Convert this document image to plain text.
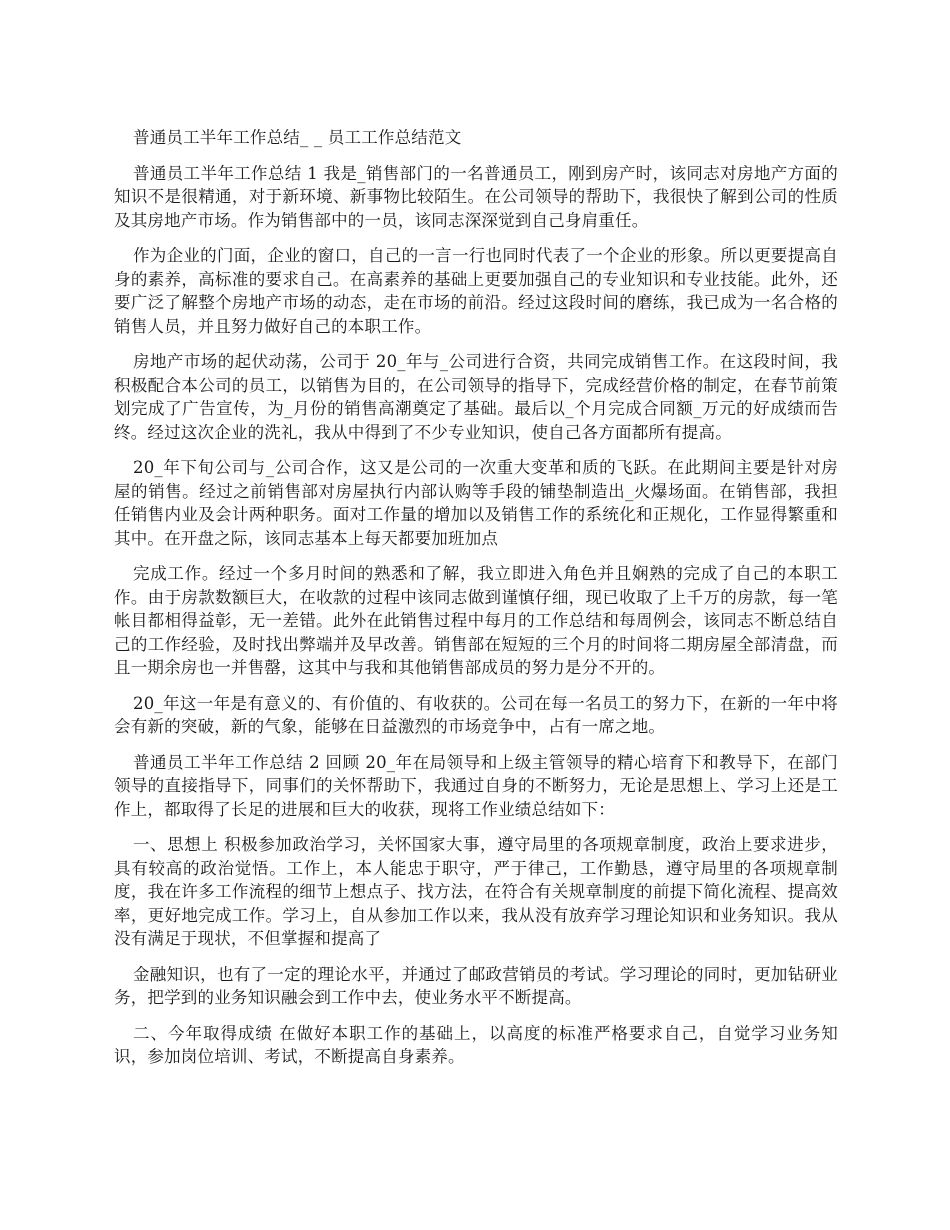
普通员工半年工作总结_ _ 员工工作总结范文

普通员工半年工作总结 1 我是_销售部门的一名普通员工，刚到房产时，该同志对房地产方面的知识不是很精通，对于新环境、新事物比较陌生。在公司领导的帮助下，我很快了解到公司的性质及其房地产市场。作为销售部中的一员，该同志深深觉到自己身肩重任。

作为企业的门面，企业的窗口，自己的一言一行也同时代表了一个企业的形象。所以更要提高自身的素养，高标准的要求自己。在高素养的基础上更要加强自己的专业知识和专业技能。此外，还要广泛了解整个房地产市场的动态，走在市场的前沿。经过这段时间的磨练，我已成为一名合格的销售人员，并且努力做好自己的本职工作。

房地产市场的起伏动荡，公司于 20_年与_公司进行合资，共同完成销售工作。在这段时间，我积极配合本公司的员工，以销售为目的，在公司领导的指导下，完成经营价格的制定，在春节前策划完成了广告宣传，为_月份的销售高潮奠定了基础。最后以_个月完成合同额_万元的好成绩而告终。经过这次企业的洗礼，我从中得到了不少专业知识，使自己各方面都所有提高。

20_年下旬公司与_公司合作，这又是公司的一次重大变革和质的飞跃。在此期间主要是针对房屋的销售。经过之前销售部对房屋执行内部认购等手段的铺垫制造出_火爆场面。在销售部，我担任销售内业及会计两种职务。面对工作量的增加以及销售工作的系统化和正规化，工作显得繁重和其中。在开盘之际，该同志基本上每天都要加班加点

完成工作。经过一个多月时间的熟悉和了解，我立即进入角色并且娴熟的完成了自己的本职工作。由于房款数额巨大，在收款的过程中该同志做到谨慎仔细，现已收取了上千万的房款，每一笔帐目都相得益彰，无一差错。此外在此销售过程中每月的工作总结和每周例会，该同志不断总结自己的工作经验，及时找出弊端并及早改善。销售部在短短的三个月的时间将二期房屋全部清盘，而且一期余房也一并售罄，这其中与我和其他销售部成员的努力是分不开的。

20_年这一年是有意义的、有价值的、有收获的。公司在每一名员工的努力下，在新的一年中将会有新的突破，新的气象，能够在日益激烈的市场竞争中，占有一席之地。

普通员工半年工作总结 2 回顾 20_年在局领导和上级主管领导的精心培育下和教导下，在部门领导的直接指导下，同事们的关怀帮助下，我通过自身的不断努力，无论是思想上、学习上还是工作上，都取得了长足的进展和巨大的收获，现将工作业绩总结如下：

一、思想上 积极参加政治学习，关怀国家大事，遵守局里的各项规章制度，政治上要求进步，具有较高的政治觉悟。工作上，本人能忠于职守，严于律己，工作勤恳，遵守局里的各项规章制度，我在许多工作流程的细节上想点子、找方法，在符合有关规章制度的前提下简化流程、提高效率，更好地完成工作。学习上，自从参加工作以来，我从没有放弃学习理论知识和业务知识。我从没有满足于现状，不但掌握和提高了

金融知识，也有了一定的理论水平，并通过了邮政营销员的考试。学习理论的同时，更加钻研业务，把学到的业务知识融会到工作中去，使业务水平不断提高。

二、今年取得成绩 在做好本职工作的基础上，以高度的标准严格要求自己，自觉学习业务知识，参加岗位培训、考试，不断提高自身素养。
